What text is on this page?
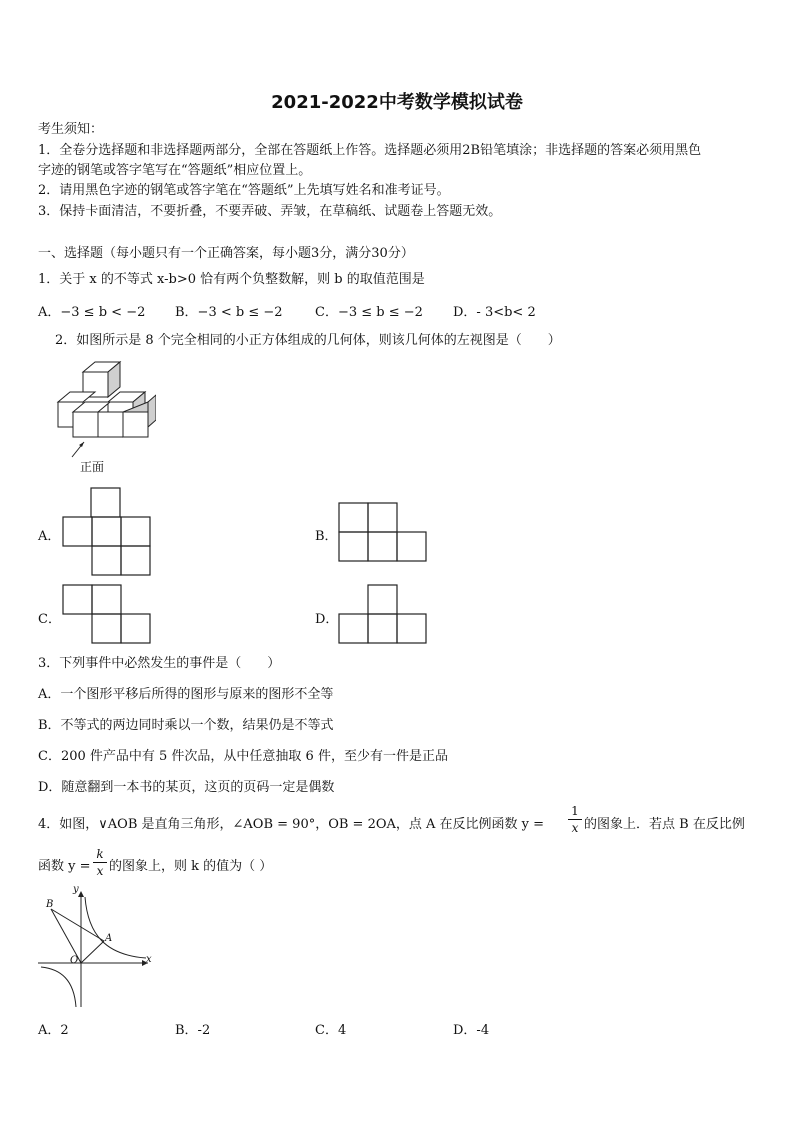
2021-2022中考数学模拟试卷
考生须知：
1．全卷分选择题和非选择题两部分，全部在答题纸上作答。选择题必须用2B铅笔填涂；非选择题的答案必须用黑色
字迹的钢笔或答字笔写在“答题纸”相应位置上。
2．请用黑色字迹的钢笔或答字笔在“答题纸”上先填写姓名和准考证号。
3．保持卡面清洁，不要折叠，不要弄破、弄皱，在草稿纸、试题卷上答题无效。
一、选择题（每小题只有一个正确答案，每小题3分，满分30分）
1．关于 x 的不等式 x-b>0 恰有两个负整数解，则 b 的取值范围是
A．−3 ≤ b < −2 B．−3 < b ≤ −2 C．−3 ≤ b ≤ −2 D．- 3<b< 2
2．如图所示是 8 个完全相同的小正方体组成的几何体，则该几何体的左视图是（　　）
正面
A．	B．
C．	D．
3．下列事件中必然发生的事件是（　　）
A．一个图形平移后所得的图形与原来的图形不全等
B．不等式的两边同时乘以一个数，结果仍是不等式
C．200 件产品中有 5 件次品，从中任意抽取 6 件，至少有一件是正品
D．随意翻到一本书的某页，这页的页码一定是偶数
4．如图，∨AOB 是直角三角形，∠AOB = 90°，OB = 2OA，点 A 在反比例函数 $y = \frac{1}{x}$ 的图象上．若点 B 在反比例
函数 $y = \frac{k}{x}$ 的图象上，则 k 的值为（ ）
B
A
O	x
y
A．2	B．-2	C．4	D．-4
